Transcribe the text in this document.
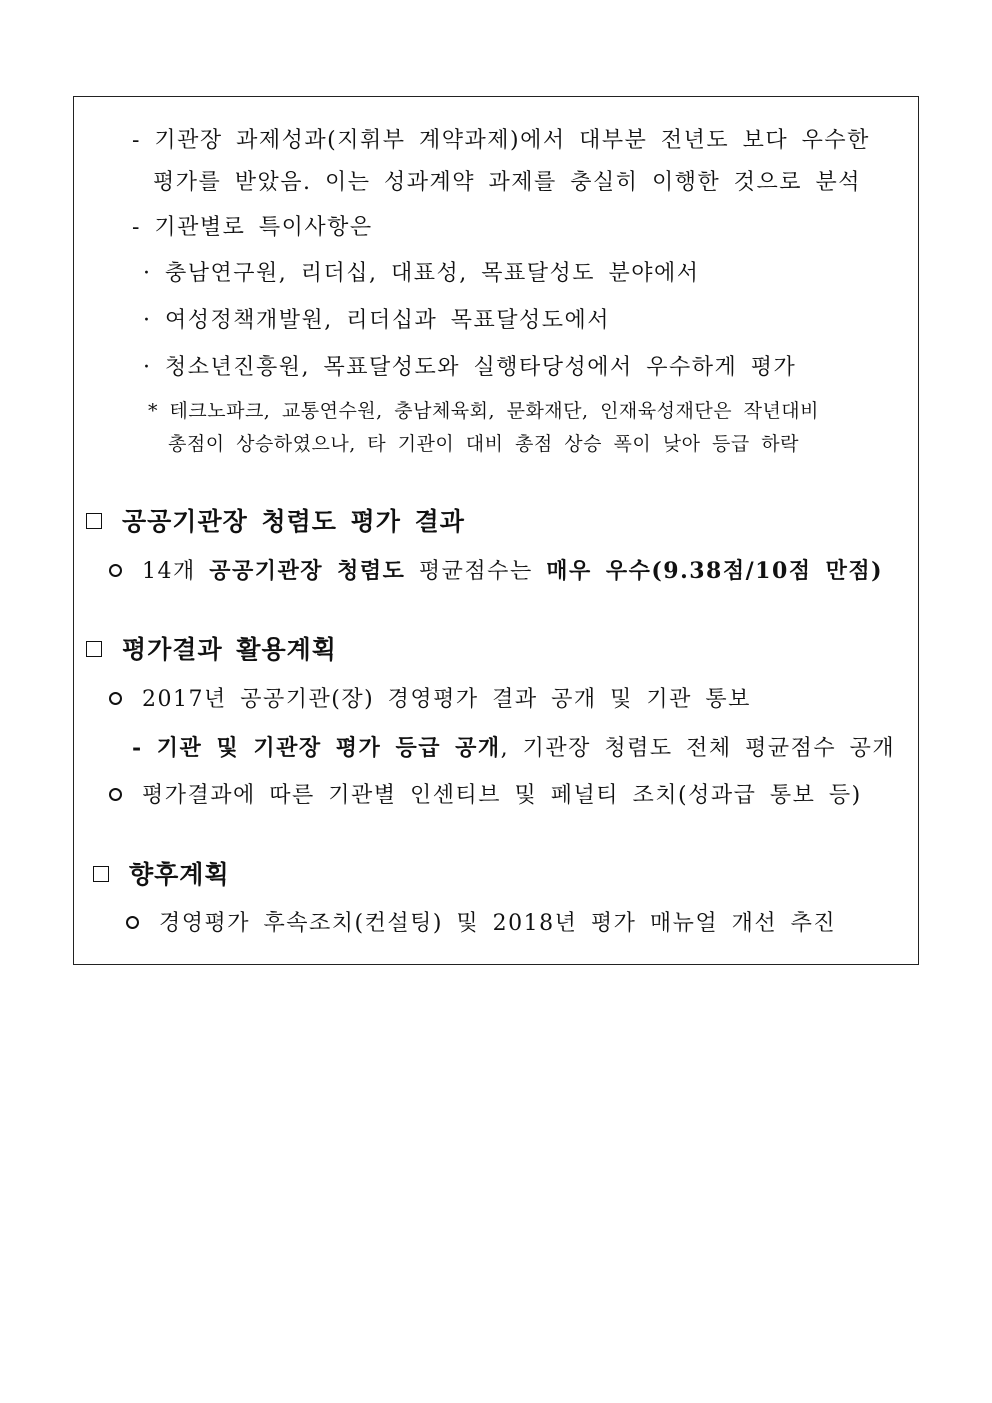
- 기관장 과제성과(지휘부 계약과제)에서 대부분 전년도 보다 우수한
평가를 받았음. 이는 성과계약 과제를 충실히 이행한 것으로 분석
- 기관별로 특이사항은
· 충남연구원, 리더십, 대표성, 목표달성도 분야에서
· 여성정책개발원, 리더십과 목표달성도에서
· 청소년진흥원, 목표달성도와 실행타당성에서 우수하게 평가
* 테크노파크, 교통연수원, 충남체육회, 문화재단, 인재육성재단은 작년대비
총점이 상승하였으나, 타 기관이 대비 총점 상승 폭이 낮아 등급 하락
공공기관장 청렴도 평가 결과
14개 공공기관장 청렴도 평균점수는 매우 우수(9.38점/10점 만점)
평가결과 활용계획
2017년 공공기관(장) 경영평가 결과 공개 및 기관 통보
- 기관 및 기관장 평가 등급 공개, 기관장 청렴도 전체 평균점수 공개
평가결과에 따른 기관별 인센티브 및 페널티 조치(성과급 통보 등)
향후계획
경영평가 후속조치(컨설팅) 및 2018년 평가 매뉴얼 개선 추진
